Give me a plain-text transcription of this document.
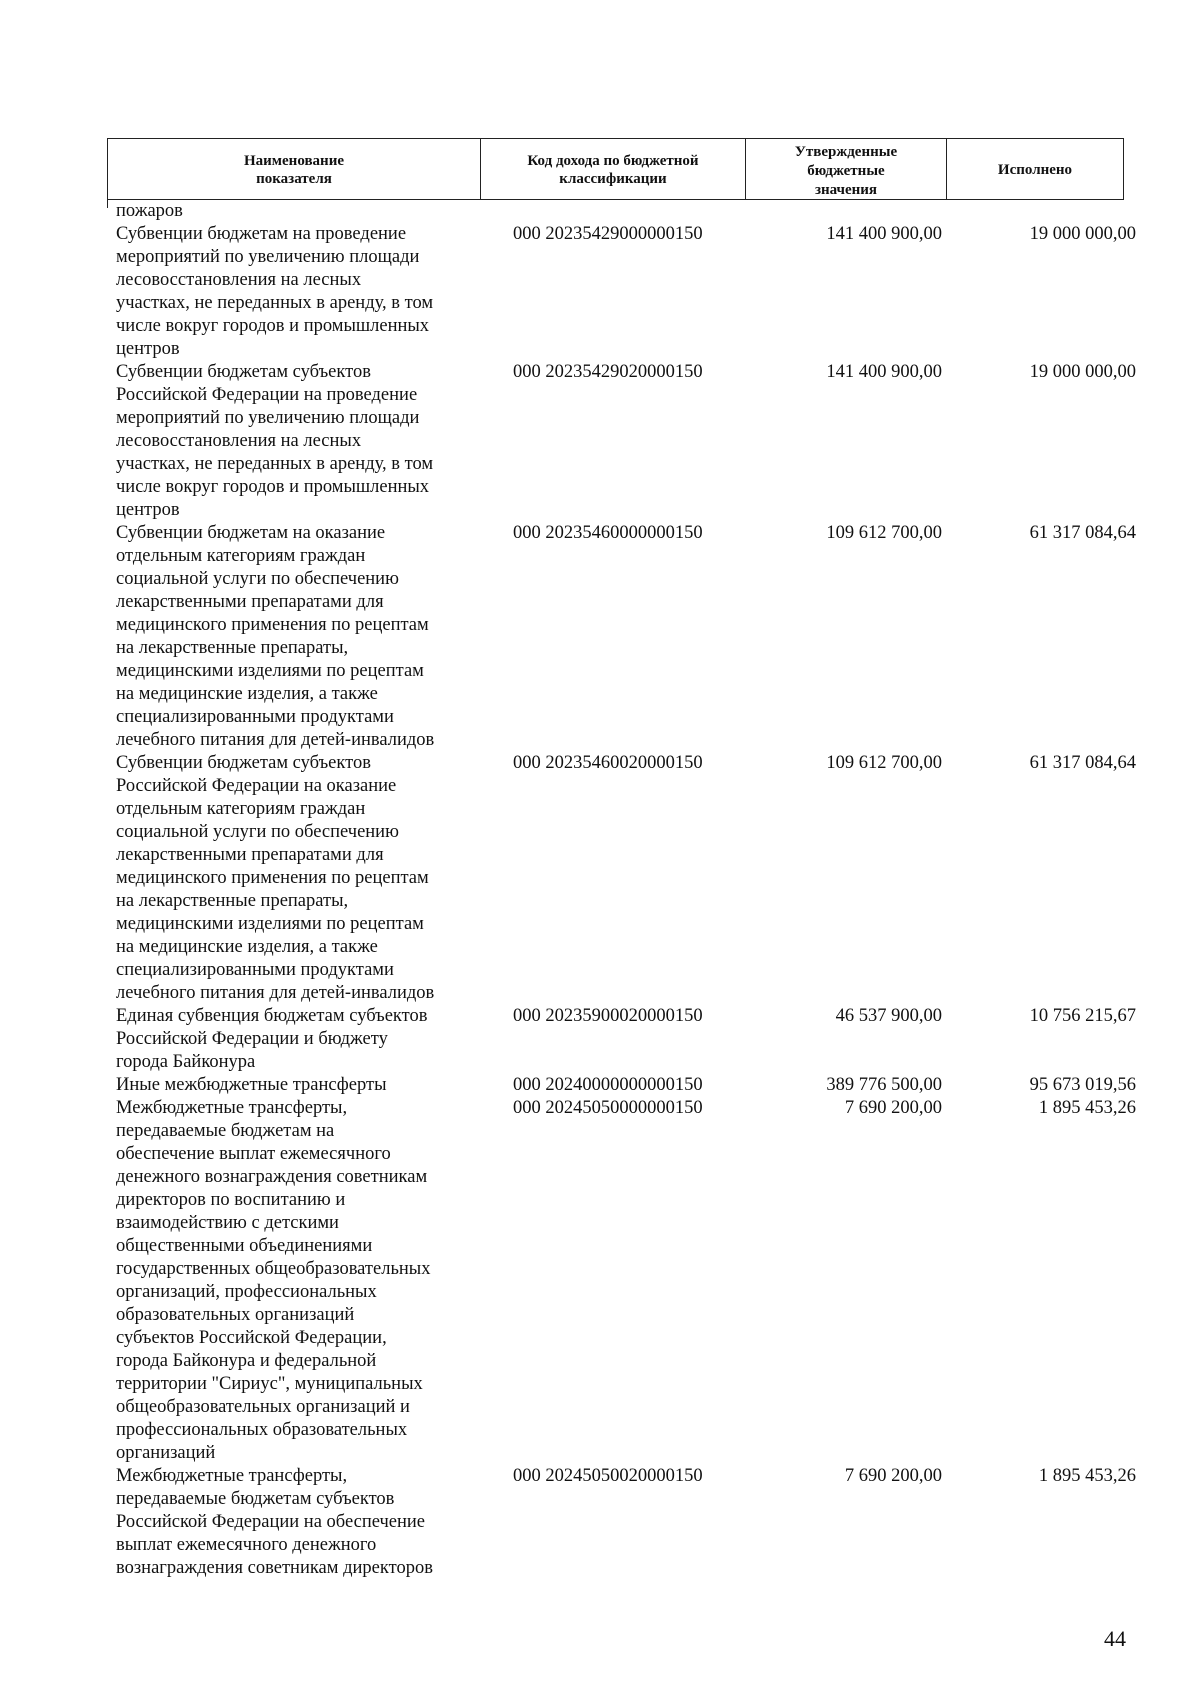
Наименование
показателя
Код дохода по бюджетной
классификации
Утвержденные
бюджетные
значения
Исполнено
пожаров
Субвенции бюджетам на проведение
мероприятий по увеличению площади
лесовосстановления на лесных
участках, не переданных в аренду, в том
числе вокруг городов и промышленных
центров
000 20235429000000150	141 400 900,00	19 000 000,00
Субвенции бюджетам субъектов
Российской Федерации на проведение
мероприятий по увеличению площади
лесовосстановления на лесных
участках, не переданных в аренду, в том
числе вокруг городов и промышленных
центров
000 20235429020000150	141 400 900,00	19 000 000,00
Субвенции бюджетам на оказание
отдельным категориям граждан
социальной услуги по обеспечению
лекарственными препаратами для
медицинского применения по рецептам
на лекарственные препараты,
медицинскими изделиями по рецептам
на медицинские изделия, а также
специализированными продуктами
лечебного питания для детей-инвалидов
000 20235460000000150	109 612 700,00	61 317 084,64
Субвенции бюджетам субъектов
Российской Федерации на оказание
отдельным категориям граждан
социальной услуги по обеспечению
лекарственными препаратами для
медицинского применения по рецептам
на лекарственные препараты,
медицинскими изделиями по рецептам
на медицинские изделия, а также
специализированными продуктами
лечебного питания для детей-инвалидов
000 20235460020000150	109 612 700,00	61 317 084,64
Единая субвенция бюджетам субъектов
Российской Федерации и бюджету
города Байконура
000 20235900020000150	46 537 900,00	10 756 215,67
Иные межбюджетные трансферты	000 20240000000000150	389 776 500,00	95 673 019,56
Межбюджетные трансферты,
передаваемые бюджетам на
обеспечение выплат ежемесячного
денежного вознаграждения советникам
директоров по воспитанию и
взаимодействию с детскими
общественными объединениями
государственных общеобразовательных
организаций, профессиональных
образовательных организаций
субъектов Российской Федерации,
города Байконура и федеральной
территории "Сириус", муниципальных
общеобразовательных организаций и
профессиональных образовательных
организаций
000 20245050000000150	7 690 200,00	1 895 453,26
Межбюджетные трансферты,
передаваемые бюджетам субъектов
Российской Федерации на обеспечение
выплат ежемесячного денежного
вознаграждения советникам директоров
000 20245050020000150	7 690 200,00	1 895 453,26
44
